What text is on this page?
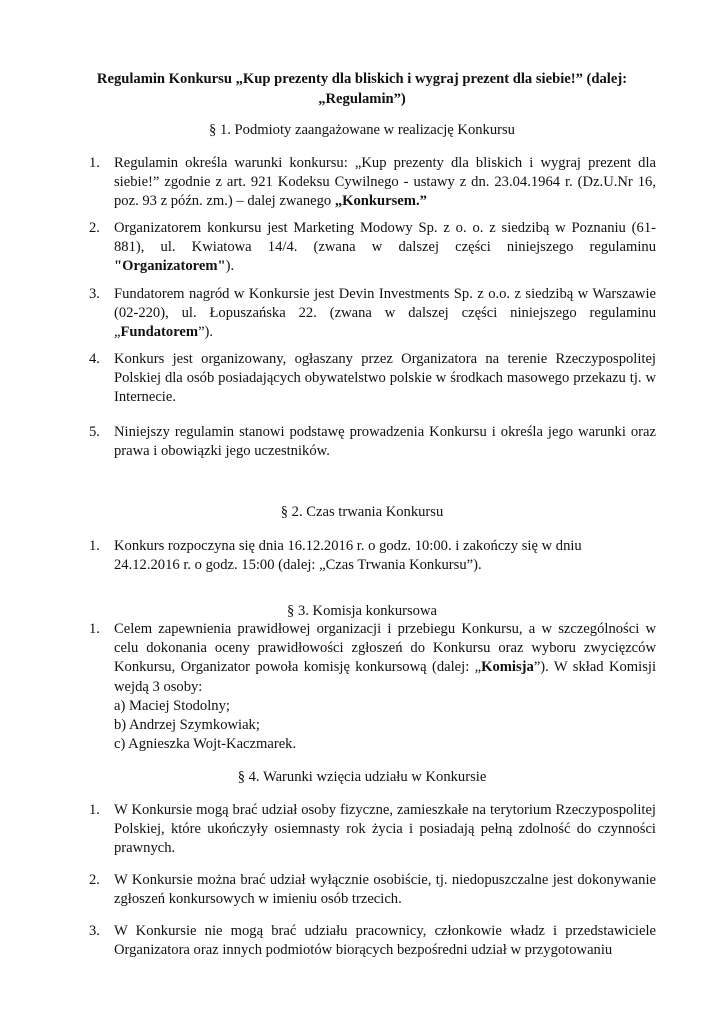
Regulamin Konkursu „Kup prezenty dla bliskich i wygraj prezent dla siebie!” (dalej:
„Regulamin”)
§ 1. Podmioty zaangażowane w realizację Konkursu
1. Regulamin określa warunki konkursu: „Kup prezenty dla bliskich i wygraj prezent dla siebie!” zgodnie z art. 921 Kodeksu Cywilnego - ustawy z dn. 23.04.1964 r. (Dz.U.Nr 16, poz. 93 z późn. zm.) – dalej zwanego „Konkursem.”
2. Organizatorem konkursu jest Marketing Modowy Sp. z o. o. z siedzibą w Poznaniu (61-881), ul. Kwiatowa 14/4. (zwana w dalszej części niniejszego regulaminu "Organizatorem").
3. Fundatorem nagród w Konkursie jest Devin Investments Sp. z o.o. z siedzibą w Warszawie (02-220), ul. Łopuszańska 22. (zwana w dalszej części niniejszego regulaminu „Fundatorem”).
4. Konkurs jest organizowany, ogłaszany przez Organizatora na terenie Rzeczypospolitej Polskiej dla osób posiadających obywatelstwo polskie w środkach masowego przekazu tj. w Internecie.
5. Niniejszy regulamin stanowi podstawę prowadzenia Konkursu i określa jego warunki oraz prawa i obowiązki jego uczestników.
§ 2. Czas trwania Konkursu
1. Konkurs rozpoczyna się dnia 16.12.2016 r. o godz. 10:00. i zakończy się w dniu
24.12.2016 r. o godz. 15:00 (dalej: „Czas Trwania Konkursu”).
§ 3. Komisja konkursowa
1. Celem zapewnienia prawidłowej organizacji i przebiegu Konkursu, a w szczególności w celu dokonania oceny prawidłowości zgłoszeń do Konkursu oraz wyboru zwycięzców Konkursu, Organizator powoła komisję konkursową (dalej: „Komisja”). W skład Komisji wejdą 3 osoby:
a) Maciej Stodolny;
b) Andrzej Szymkowiak;
c) Agnieszka Wojt-Kaczmarek.
§ 4. Warunki wzięcia udziału w Konkursie
1. W Konkursie mogą brać udział osoby fizyczne, zamieszkałe na terytorium Rzeczypospolitej Polskiej, które ukończyły osiemnasty rok życia i posiadają pełną zdolność do czynności prawnych.
2. W Konkursie można brać udział wyłącznie osobiście, tj. niedopuszczalne jest dokonywanie zgłoszeń konkursowych w imieniu osób trzecich.
3. W Konkursie nie mogą brać udziału pracownicy, członkowie władz i przedstawiciele Organizatora oraz innych podmiotów biorących bezpośredni udział w przygotowaniu
